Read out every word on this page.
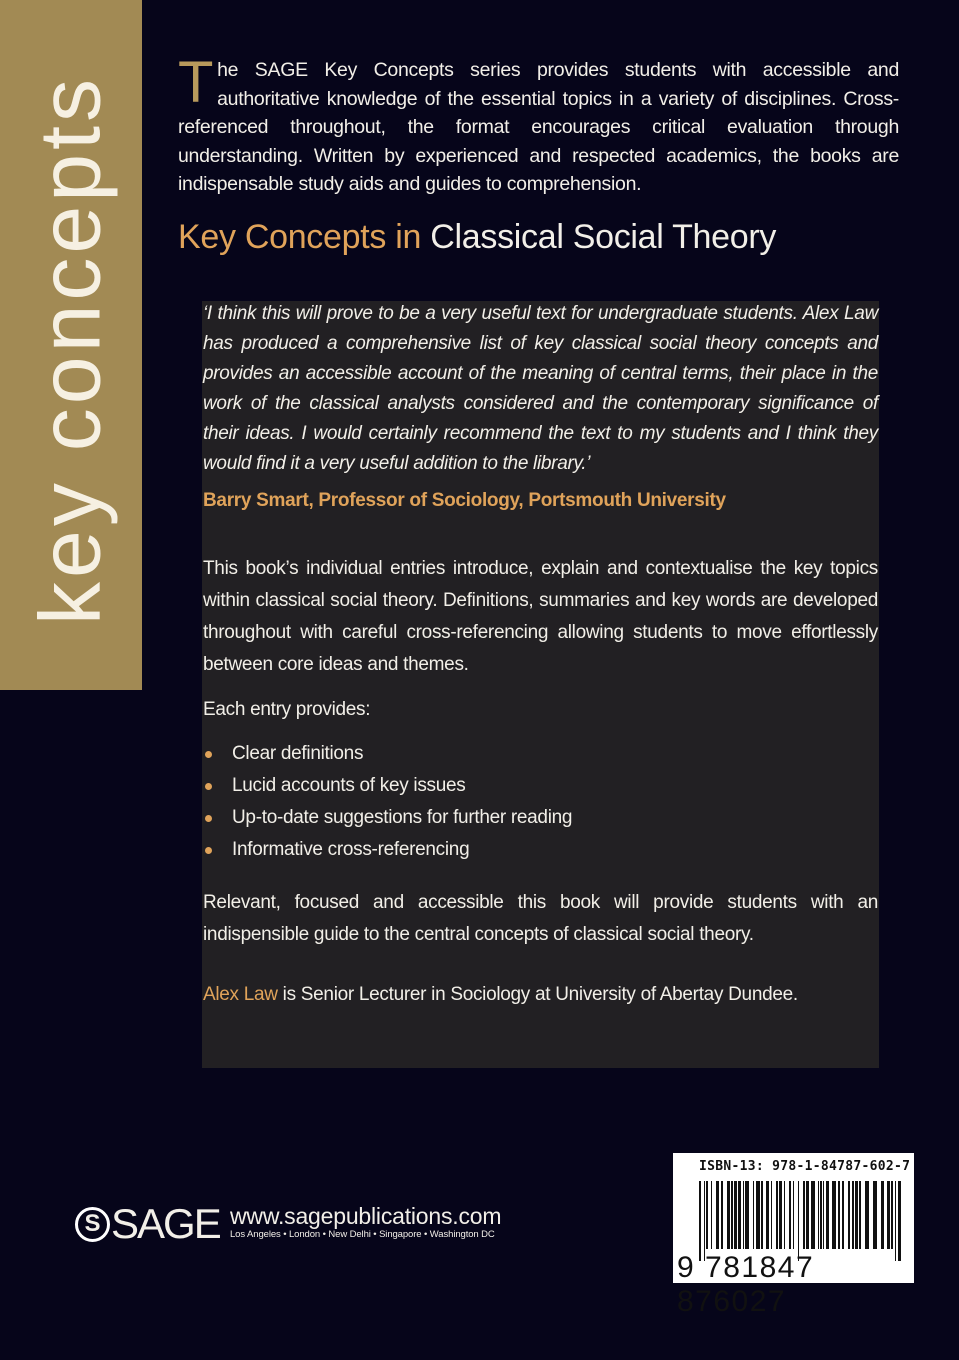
key concepts The SAGE Key Concepts series provides students with accessible and authoritative knowledge of the essential topics in a variety of disciplines. Cross-referenced throughout, the format encourages critical evaluation through understanding. Written by experienced and respected academics, the books are indispensable study aids and guides to comprehension.
Key Concepts in Classical Social Theory
‘I think this will prove to be a very useful text for undergraduate students. Alex Law has produced a comprehensive list of key classical social theory concepts and provides an accessible account of the meaning of central terms, their place in the work of the classical analysts considered and the contemporary significance of their ideas. I would certainly recommend the text to my students and I think they would find it a very useful addition to the library.’
Barry Smart, Professor of Sociology, Portsmouth University
This book’s individual entries introduce, explain and contextualise the key topics within classical social theory. Definitions, summaries and key words are developed throughout with careful cross-referencing allowing students to move effortlessly between core ideas and themes.
Each entry provides:
Clear definitions
Lucid accounts of key issues
Up-to-date suggestions for further reading
Informative cross-referencing
Relevant, focused and accessible this book will provide students with an indispensible guide to the central concepts of classical social theory.
Alex Law is Senior Lecturer in Sociology at University of Abertay Dundee.
S SAGE www.sagepublications.com
Los Angeles • London • New Delhi • Singapore • Washington DC
ISBN-13: 978-1-84787-602-7
9 781847 876027
